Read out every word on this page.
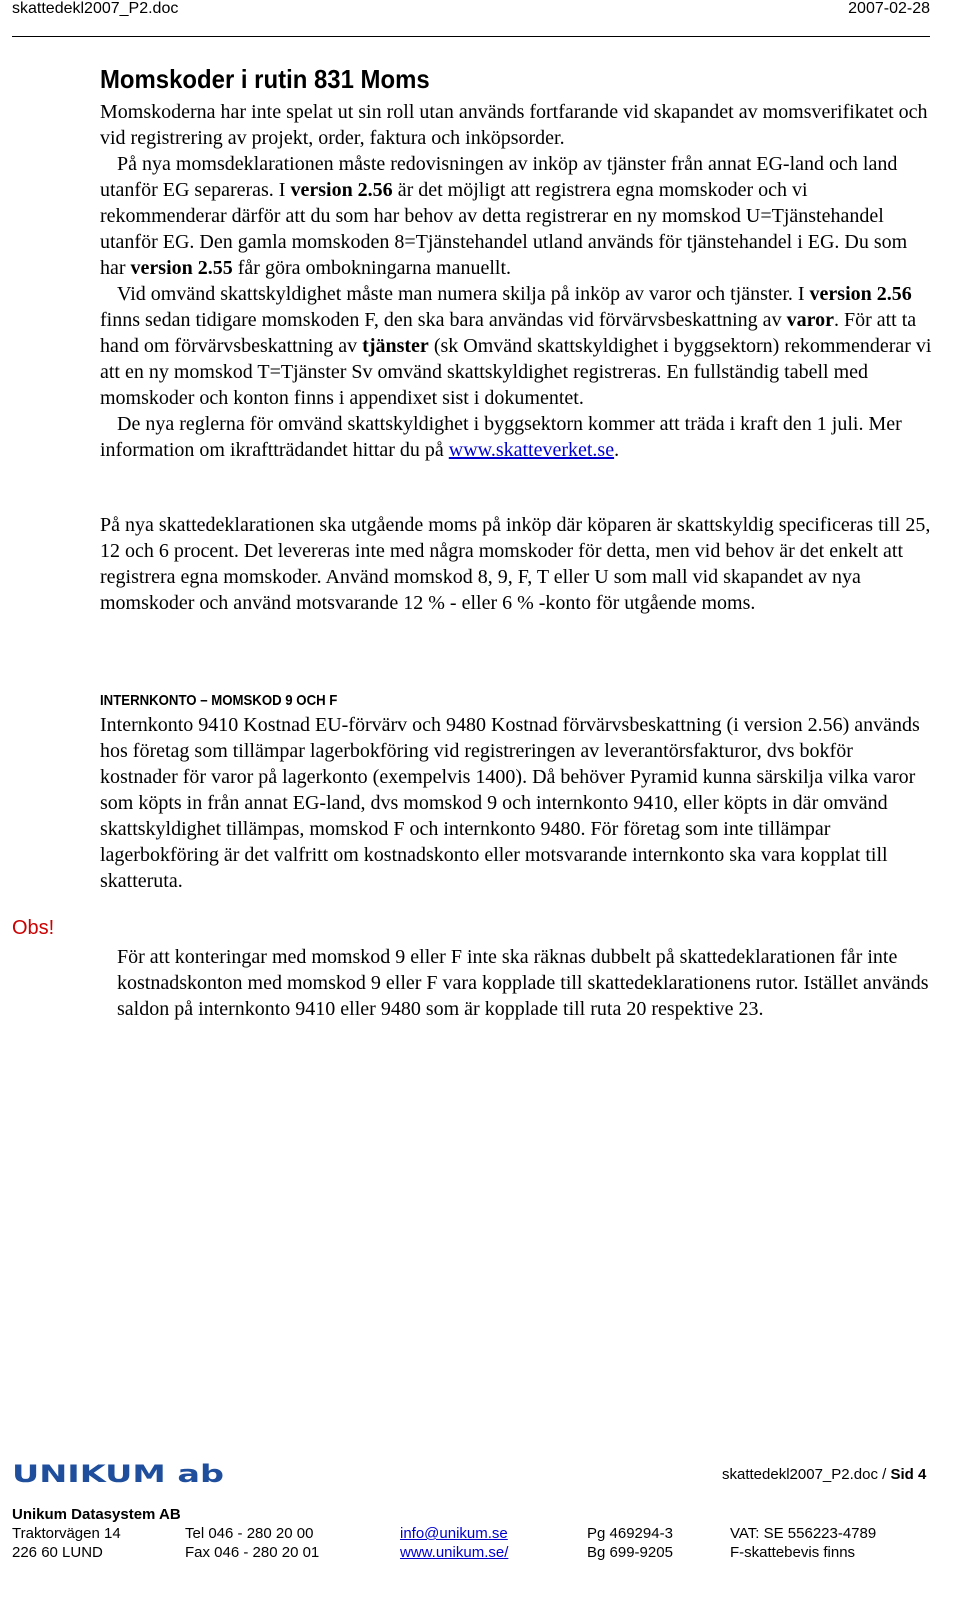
skattedekl2007_P2.doc	2007-02-28
Momskoder i rutin 831 Moms

Momskoderna har inte spelat ut sin roll utan används fortfarande vid skapandet av momsverifikatet och vid registrering av projekt, order, faktura och inköpsorder.

På nya momsdeklarationen måste redovisningen av inköp av tjänster från annat EG-land och land utanför EG separeras. I version 2.56 är det möjligt att registrera egna momskoder och vi rekommenderar därför att du som har behov av detta registrerar en ny momskod U=Tjänstehandel utanför EG. Den gamla momskoden 8=Tjänstehandel utland används för tjänstehandel i EG. Du som har version 2.55 får göra ombokningarna manuellt.

Vid omvänd skattskyldighet måste man numera skilja på inköp av varor och tjänster. I version 2.56 finns sedan tidigare momskoden F, den ska bara användas vid förvärvsbeskattning av varor. För att ta hand om förvärvsbeskattning av tjänster (sk Omvänd skattskyldighet i byggsektorn) rekommenderar vi att en ny momskod T=Tjänster Sv omvänd skattskyldighet registreras. En fullständig tabell med momskoder och konton finns i appendixet sist i dokumentet.

De nya reglerna för omvänd skattskyldighet i byggsektorn kommer att träda i kraft den 1 juli. Mer information om ikraftträdandet hittar du på www.skatteverket.se.

På nya skattedeklarationen ska utgående moms på inköp där köparen är skattskyldig specificeras till 25, 12 och 6 procent. Det levereras inte med några momskoder för detta, men vid behov är det enkelt att registrera egna momskoder. Använd momskod 8, 9, F, T eller U som mall vid skapandet av nya momskoder och använd motsvarande 12 % - eller 6 % -konto för utgående moms.

INTERNKONTO – MOMSKOD 9 OCH F

Internkonto 9410 Kostnad EU-förvärv och 9480 Kostnad förvärvsbeskattning (i version 2.56) används hos företag som tillämpar lagerbokföring vid registreringen av leverantörsfakturor, dvs bokför kostnader för varor på lagerkonto (exempelvis 1400). Då behöver Pyramid kunna särskilja vilka varor som köpts in från annat EG-land, dvs momskod 9 och internkonto 9410, eller köpts in där omvänd skattskyldighet tillämpas, momskod F och internkonto 9480. För företag som inte tillämpar lagerbokföring är det valfritt om kostnadskonto eller motsvarande internkonto ska vara kopplat till skatteruta.

Obs!

För att konteringar med momskod 9 eller F inte ska räknas dubbelt på skattedeklarationen får inte kostnadskonton med momskod 9 eller F vara kopplade till skattedeklarationens rutor. Istället används saldon på internkonto 9410 eller 9480 som är kopplade till ruta 20 respektive 23.

UNIKUM ab	skattedekl2007_P2.doc / Sid 4
Unikum Datasystem AB
Traktorvägen 14
226 60 LUND
Tel 046 - 280 20 00
Fax 046 - 280 20 01
info@unikum.se
www.unikum.se/
Pg 469294-3
Bg 699-9205
VAT: SE 556223-4789
F-skattebevis finns
